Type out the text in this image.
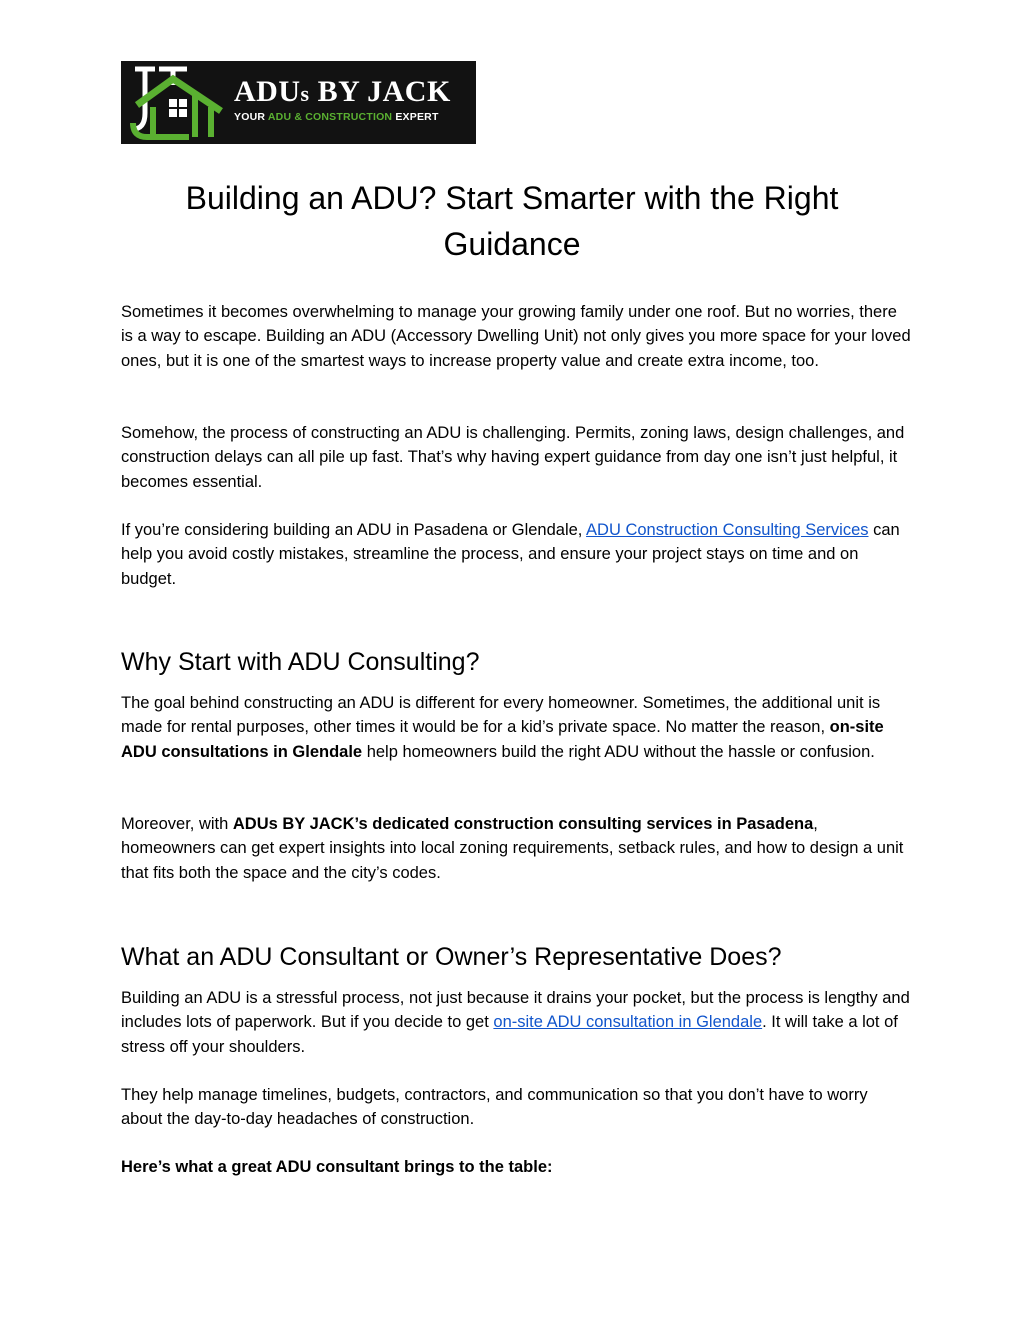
ADUs BY JACK
YOUR ADU & CONSTRUCTION EXPERT
Building an ADU? Start Smarter with the Right Guidance

Sometimes it becomes overwhelming to manage your growing family under one roof. But no worries, there is a way to escape. Building an ADU (Accessory Dwelling Unit) not only gives you more space for your loved ones, but it is one of the smartest ways to increase property value and create extra income, too.

Somehow, the process of constructing an ADU is challenging. Permits, zoning laws, design challenges, and construction delays can all pile up fast. That’s why having expert guidance from day one isn’t just helpful, it becomes essential.

If you’re considering building an ADU in Pasadena or Glendale, ADU Construction Consulting Services can help you avoid costly mistakes, streamline the process, and ensure your project stays on time and on budget.

Why Start with ADU Consulting?

The goal behind constructing an ADU is different for every homeowner. Sometimes, the additional unit is made for rental purposes, other times it would be for a kid’s private space. No matter the reason, on-site ADU consultations in Glendale help homeowners build the right ADU without the hassle or confusion.

Moreover, with ADUs BY JACK’s dedicated construction consulting services in Pasadena, homeowners can get expert insights into local zoning requirements, setback rules, and how to design a unit that fits both the space and the city’s codes.

What an ADU Consultant or Owner’s Representative Does?

Building an ADU is a stressful process, not just because it drains your pocket, but the process is lengthy and includes lots of paperwork. But if you decide to get on-site ADU consultation in Glendale. It will take a lot of stress off your shoulders.

They help manage timelines, budgets, contractors, and communication so that you don’t have to worry about the day-to-day headaches of construction.

Here’s what a great ADU consultant brings to the table:
